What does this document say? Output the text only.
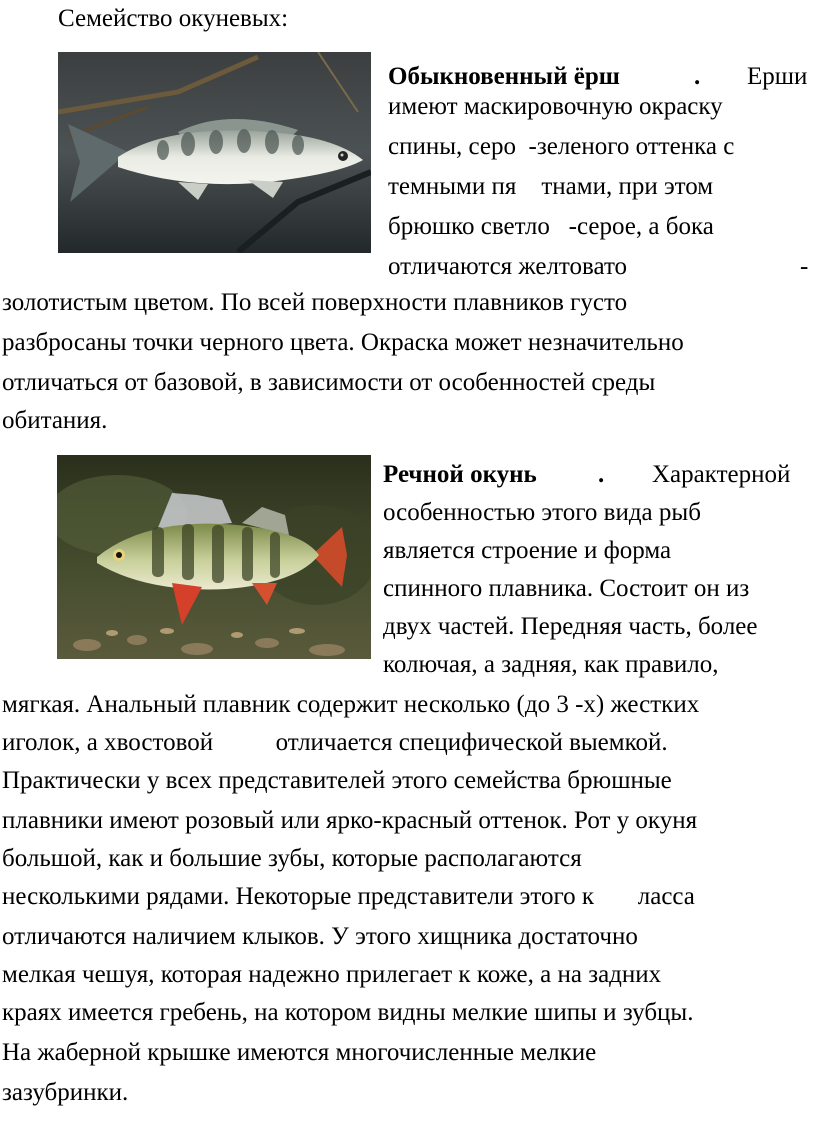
Семейство окуневых:
Обыкновенный ёрш	. Ерши
имеют маскировочную окраску
спины, серо  -зеленого оттенка с
темными пя    тнами, при этом
брюшко светло   -серое, а бока
отличаются желтовато	-
золотистым цветом. По всей поверхности плавников густо
разбросаны точки черного цвета. Окраска может незначительно
отличаться от базовой, в зависимости от особенностей среды
обитания.
Речной окунь . Характерной
особенностью этого вида рыб
является строение и форма
спинного плавника. Состоит он из
двух частей. Передняя часть, более
колючая, а задняя, как правило,
мягкая. Анальный плавник содержит несколько (до 3 -х) жестких
иголок, а хвостовой          отличается специфической выемкой.
Практически у всех представителей этого семейства брюшные
плавники имеют розовый или ярко-красный оттенок. Рот у окуня
большой, как и большие зубы, которые располагаются
несколькими рядами. Некоторые представители этого к       ласса
отличаются наличием клыков. У этого хищника достаточно
мелкая чешуя, которая надежно прилегает к коже, а на задних
краях имеется гребень, на котором видны мелкие шипы и зубцы.
На жаберной крышке имеются многочисленные мелкие
зазубринки.
